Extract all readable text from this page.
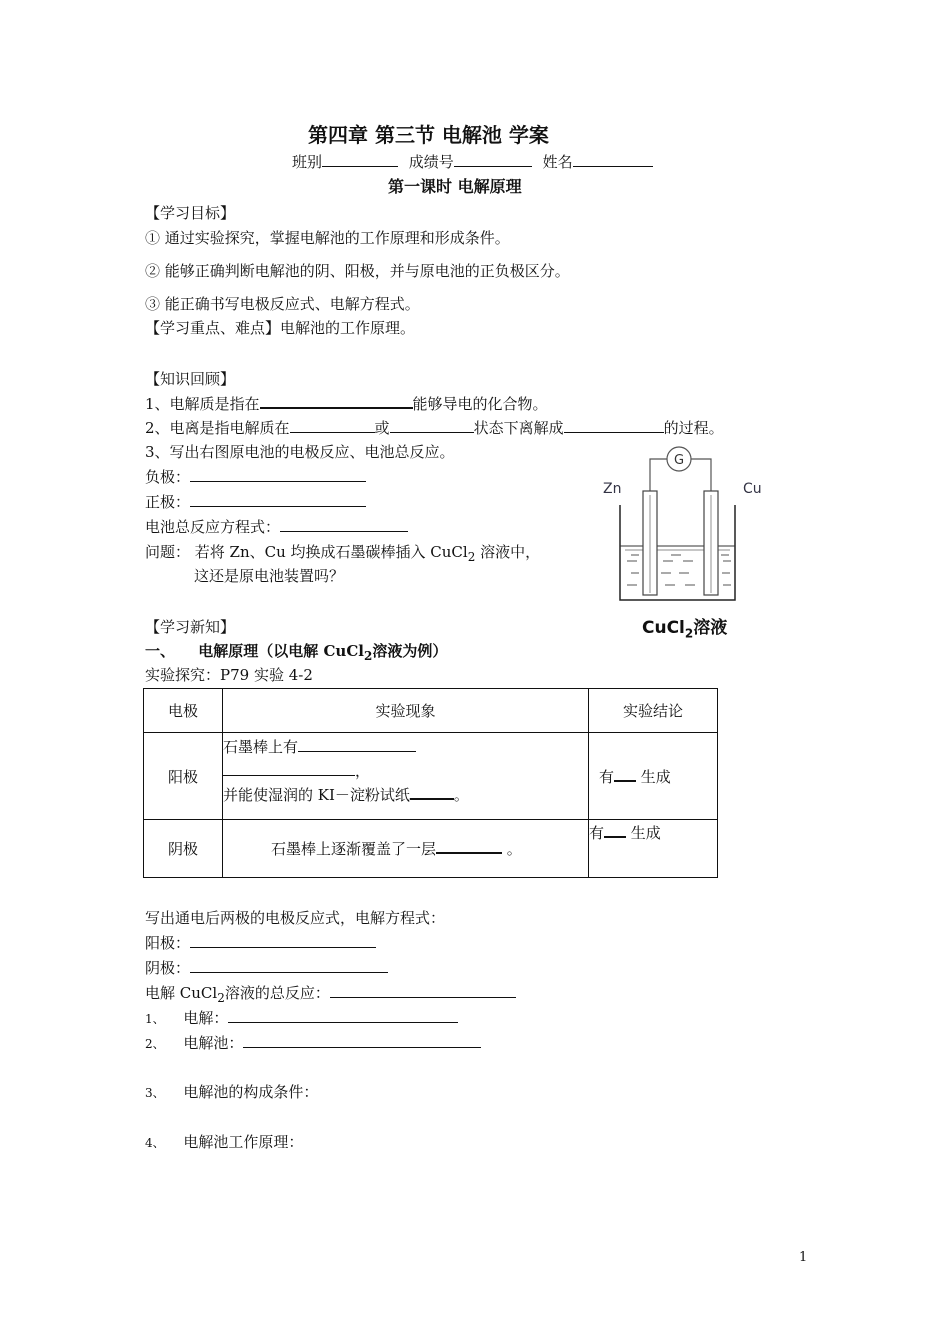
第四章 第三节 电解池 学案
班别	成绩号	姓名
第一课时 电解原理
【学习目标】
① 通过实验探究，掌握电解池的工作原理和形成条件。
② 能够正确判断电解池的阴、阳极，并与原电池的正负极区分。
③ 能正确书写电极反应式、电解方程式。
【学习重点、难点】电解池的工作原理。
【知识回顾】
1、电解质是指在	能够导电的化合物。
2、电离是指电解质在	或	状态下离解成	的过程。
3、写出右图原电池的电极反应、电池总反应。
负极：
正极：
电池总反应方程式：
问题： 若将 Zn、Cu 均换成石墨碳棒插入 CuCl$_2$ 溶液中，
这还是原电池装置吗？
G
Zn	Cu
CuCl$_2$溶液
【学习新知】
一、 电解原理（以电解 CuCl$_2$溶液为例）
实验探究：P79 实验 4-2
电极	实验现象	实验结论
阳极	石墨棒上有
，
并能使湿润的 KI－淀粉试纸 。	有 生成
阴极	石墨棒上逐渐覆盖了一层 。	有 生成
写出通电后两极的电极反应式，电解方程式：
阳极：
阴极：
电解 CuCl$_2$溶液的总反应：
1、 电解：
2、 电解池：
3、 电解池的构成条件：
4、 电解池工作原理：
1
